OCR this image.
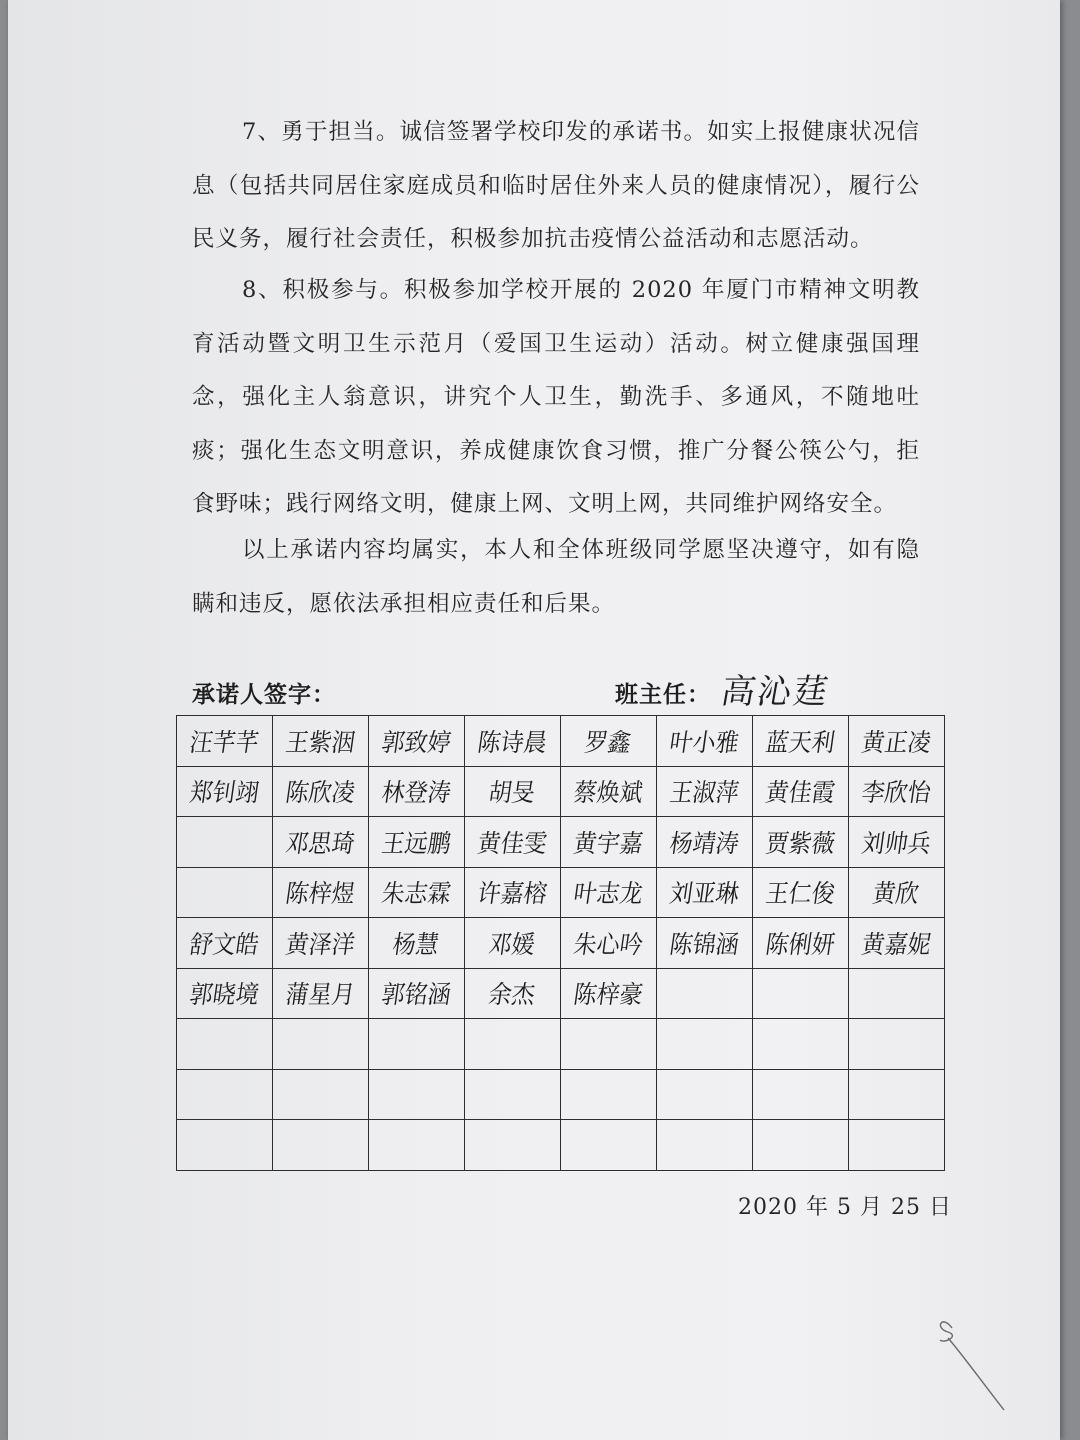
7、勇于担当。诚信签署学校印发的承诺书。如实上报健康状况信息（包括共同居住家庭成员和临时居住外来人员的健康情况），履行公民义务，履行社会责任，积极参加抗击疫情公益活动和志愿活动。

8、积极参与。积极参加学校开展的 2020 年厦门市精神文明教育活动暨文明卫生示范月（爱国卫生运动）活动。树立健康强国理念，强化主人翁意识，讲究个人卫生，勤洗手、多通风，不随地吐痰；强化生态文明意识，养成健康饮食习惯，推广分餐公筷公勺，拒食野味；践行网络文明，健康上网、文明上网，共同维护网络安全。

以上承诺内容均属实，本人和全体班级同学愿坚决遵守，如有隐瞒和违反，愿依法承担相应责任和后果。

承诺人签字：	班主任： 高沁莛
汪芊芊	王紫洇	郭致婷	陈诗晨	罗鑫	叶小雅	蓝天利	黄正凌
郑钊翊	陈欣凌	林登涛	胡旻	蔡焕斌	王淑萍	黄佳霞	李欣怡
	邓思琦	王远鹏	黄佳雯	黄宇嘉	杨靖涛	贾紫薇	刘帅兵
	陈梓煜	朱志霖	许嘉榕	叶志龙	刘亚琳	王仁俊	黄欣
舒文皓	黄泽洋	杨慧	邓媛	朱心吟	陈锦涵	陈俐妍	黄嘉妮
郭晓境	蒲星月	郭铭涵	余杰	陈梓豪			

2020 年 5 月 25 日
